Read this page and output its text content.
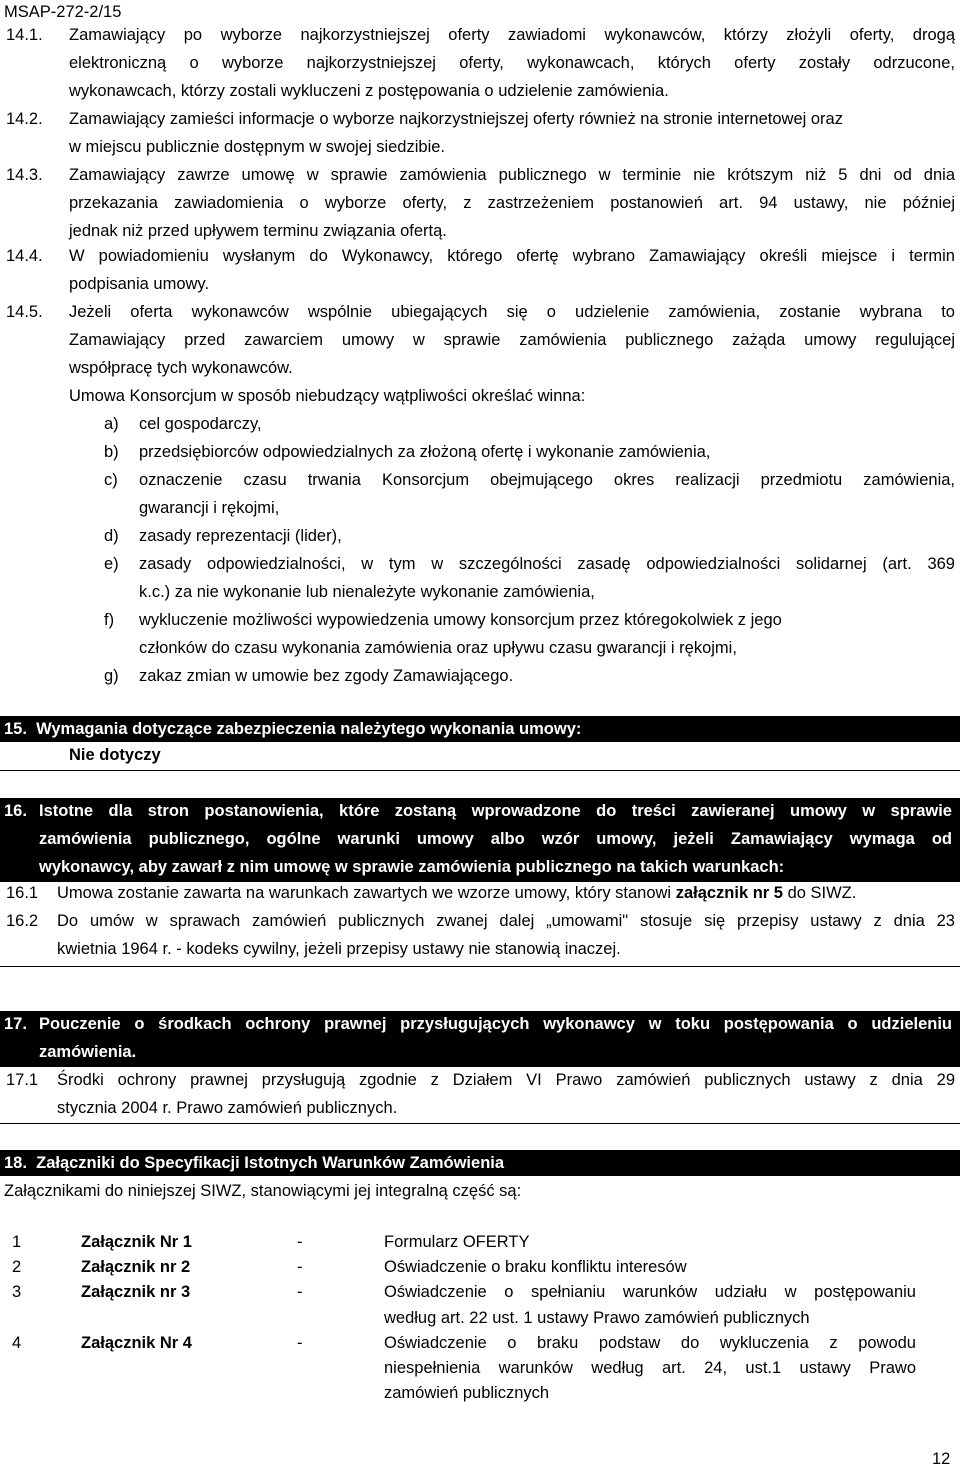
MSAP-272-2/15
14.1. Zamawiający po wyborze najkorzystniejszej oferty zawiadomi wykonawców, którzy złożyli oferty, drogą
elektroniczną o wyborze najkorzystniejszej oferty, wykonawcach, których oferty zostały odrzucone,
wykonawcach, którzy zostali wykluczeni z postępowania o udzielenie zamówienia.
14.2. Zamawiający zamieści informacje o wyborze najkorzystniejszej oferty również na stronie internetowej oraz
w miejscu publicznie dostępnym w swojej siedzibie.
14.3. Zamawiający zawrze umowę w sprawie zamówienia publicznego w terminie nie krótszym niż 5 dni od dnia
przekazania zawiadomienia o wyborze oferty, z zastrzeżeniem postanowień art. 94 ustawy, nie później
jednak niż przed upływem terminu związania ofertą.
14.4. W powiadomieniu wysłanym do Wykonawcy, którego ofertę wybrano Zamawiający określi miejsce i termin
podpisania umowy.
14.5. Jeżeli oferta wykonawców wspólnie ubiegających się o udzielenie zamówienia, zostanie wybrana to
Zamawiający przed zawarciem umowy w sprawie zamówienia publicznego zażąda umowy regulującej
współpracę tych wykonawców.
Umowa Konsorcjum w sposób niebudzący wątpliwości określać winna:
a) cel gospodarczy,
b) przedsiębiorców odpowiedzialnych za złożoną ofertę i wykonanie zamówienia,
c) oznaczenie czasu trwania Konsorcjum obejmującego okres realizacji przedmiotu zamówienia,
gwarancji i rękojmi,
d) zasady reprezentacji (lider),
e) zasady odpowiedzialności, w tym w szczególności zasadę odpowiedzialności solidarnej (art. 369
k.c.) za nie wykonanie lub nienależyte wykonanie zamówienia,
f) wykluczenie możliwości wypowiedzenia umowy konsorcjum przez któregokolwiek z jego
członków do czasu wykonania zamówienia oraz upływu czasu gwarancji i rękojmi,
g) zakaz zmian w umowie bez zgody Zamawiającego.
15. Wymagania dotyczące zabezpieczenia należytego wykonania umowy:
Nie dotyczy
16. Istotne dla stron postanowienia, które zostaną wprowadzone do treści zawieranej umowy w sprawie
zamówienia publicznego, ogólne warunki umowy albo wzór umowy, jeżeli Zamawiający wymaga od
wykonawcy, aby zawarł z nim umowę w sprawie zamówienia publicznego na takich warunkach:
16.1 Umowa zostanie zawarta na warunkach zawartych we wzorze umowy, który stanowi załącznik nr 5 do SIWZ.
16.2 Do umów w sprawach zamówień publicznych zwanej dalej „umowami" stosuje się przepisy ustawy z dnia 23
kwietnia 1964 r. - kodeks cywilny, jeżeli przepisy ustawy nie stanowią inaczej.
17. Pouczenie o środkach ochrony prawnej przysługujących wykonawcy w toku postępowania o udzieleniu
zamówienia.
17.1 Środki ochrony prawnej przysługują zgodnie z Działem VI Prawo zamówień publicznych ustawy z dnia 29
stycznia 2004 r. Prawo zamówień publicznych.
18. Załączniki do Specyfikacji Istotnych Warunków Zamówienia
Załącznikami do niniejszej SIWZ, stanowiącymi jej integralną część są:
1	Załącznik Nr 1	-	Formularz OFERTY
2	Załącznik nr 2	-	Oświadczenie o braku konfliktu interesów
3	Załącznik nr 3	-	Oświadczenie o spełnianiu warunków udziału w postępowaniu
według art. 22 ust. 1 ustawy Prawo zamówień publicznych
4	Załącznik Nr 4	-	Oświadczenie o braku podstaw do wykluczenia z powodu
niespełnienia warunków według art. 24, ust.1 ustawy Prawo
zamówień publicznych
12
